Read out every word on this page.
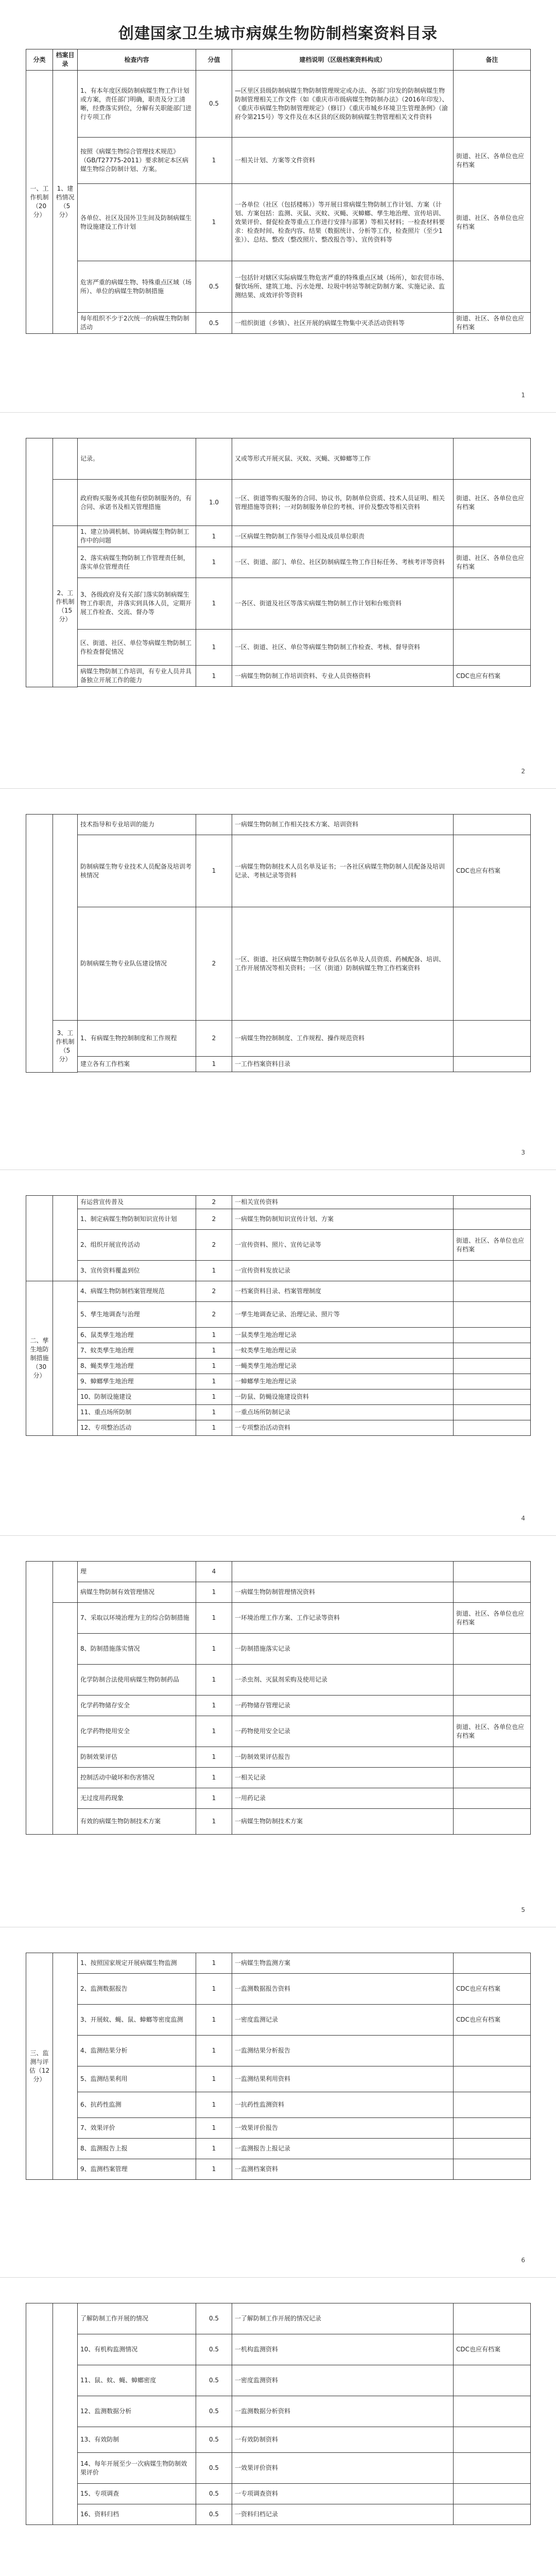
创建国家卫生城市病媒生物防制档案资料目录
分类	档案目录	检查内容	分值	建档说明（区级档案资料构成）	备注
一、工作机制（20分）	1、建档情况（5分）	1、有本年度区级防制病媒生物工作计划或方案，责任部门明确，职责及分工清晰，经费落实到位，分解有关职能部门进行专项工作	0.5	—区里区县级防制病媒生物防制管理规定或办法、各部门印发的防制病媒生物防制管理相关工作文件（如《重庆市市级病媒生物防制办法》（2016年印发）、《重庆市病媒生物防制管理规定》（修订）《重庆市城乡环境卫生管理条例》（渝府令第215号）等文件及在本区县的区级防制病媒生物管理相关文件资料	
		按照《病媒生物综合管理技术规范》（GB/T27775-2011）要求制定本区病媒生物综合防制计划、方案。	1	一相关计划、方案等文件资料	街道、社区、各单位也应有档案
		各单位、社区及国外卫生间及防制病媒生物设施建设工作计划	1	一各单位（社区（包括楼栋））等开展日常病媒生物防制工作计划、方案（计划、方案包括：监测、灭鼠、灭蚊、灭蝇、灭蟑螂、孳生地治理、宣传培训、效果评价、督促检查等重点工作进行安排与部署）等相关材料；一检查材料要求：检查时间、检查内容、结果（数据统计、分析等工作，检查照片（至少1张））、总结、整改（整改照片、整改报告等）、宣传资料等	街道、社区、各单位也应有档案
		危害严重的病媒生物、特殊重点区域（场所）、单位的病媒生物防制措施	0.5	一包括针对辖区实际病媒生物危害严重的特殊重点区域（场所），如农贸市场、餐饮场所、建筑工地、污水处理、垃圾中转站等制定防制方案、实施记录、监测结果、成效评价等资料	
		每年组织不少于2次统一的病媒生物防制活动	0.5	一组织街道（乡镇）、社区开展的病媒生物集中灭杀活动资料等	街道、社区、各单位也应有档案
1
		记录。		又或等形式开展灭鼠、灭蚊、灭蝇、灭蟑螂等工作	
		政府购买服务或其他有偿防制服务的，有合同、承诺书及相关管理措施	1.0	一区、街道等购买服务的合同、协议书，防制单位资质、技术人员证明、相关管理措施等资料；一对防制服务单位的考核、评价及整改等相关资料	街道、社区、各单位也应有档案
	2、工作机制（15分）	1、建立协调机制、协调病媒生物防制工作中的问题	1	一区病媒生物防制工作领导小组及成员单位职责	
		2、落实病媒生物防制工作管理责任制，落实单位管理责任	1	一区、街道、部门、单位、社区防制病媒生物工作目标任务、考核考评等资料	街道、社区、各单位也应有档案
		3、各级政府及有关部门落实防制病媒生物工作职责，并落实到具体人员，定期开展工作检查、交流、督办等	1	一各区、街道及社区等落实病媒生物防制工作计划和台账资料	
		区、街道、社区、单位等病媒生物防制工作检查督促情况	1	一区、街道、社区、单位等病媒生物防制工作检查、考核、督导资料	
		病媒生物防制工作培训，有专业人员并具备独立开展工作的能力	1	一病媒生物防制工作培训资料、专业人员资格资料	CDC也应有档案

2
		技术指导和专业培训的能力		一病媒生物防制工作相关技术方案、培训资料	
		防制病媒生物专业技术人员配备及培训考核情况	1	一病媒生物防制技术人员名单及证书；一各社区病媒生物防制人员配备及培训记录、考核记录等资料	CDC也应有档案
		防制病媒生物专业队伍建设情况	2	一区、街道、社区病媒生物防制专业队伍名单及人员资质、药械配备、培训、工作开展情况等相关资料；一区（街道）防制病媒生物工作档案资料	
	3、工作机制（5分）	1、有病媒生物控制制度和工作规程	2	一病媒生物控制制度、工作规程、操作规范资料	
		建立各有工作档案	1	一工作档案资料目录	

3
		有运营宣传普及	2	一相关宣传资料	
		1、制定病媒生物防制知识宣传计划	2	一病媒生物防制知识宣传计划、方案	
		2、组织开展宣传活动	2	一宣传资料、照片、宣传记录等	街道、社区、各单位也应有档案
		3、宣传资料覆盖到位	1	一宣传资料发放记录	
二、孳生地防制措施（30分）		4、病媒生物防制档案管理规范	2	一档案资料目录、档案管理制度	
		5、孳生地调查与治理	2	一孳生地调查记录、治理记录、照片等	
		6、鼠类孳生地治理	1	一鼠类孳生地治理记录	
		7、蚊类孳生地治理	1	一蚊类孳生地治理记录	
		8、蝇类孳生地治理	1	一蝇类孳生地治理记录	
		9、蟑螂孳生地治理	1	一蟑螂孳生地治理记录	
		10、防制设施建设	1	一防鼠、防蝇设施建设资料	
		11、重点场所防制	1	一重点场所防制记录	
		12、专项整治活动	1	一专项整治活动资料	
4
		理	4		
		病媒生物防制有效管理情况	1	一病媒生物防制管理情况资料	
		7、采取以环境治理为主的综合防制措施	1	一环境治理工作方案、工作记录等资料	街道、社区、各单位也应有档案
		8、防制措施落实情况	1	一防制措施落实记录	
		化学防制合法使用病媒生物防制药品	1	一杀虫剂、灭鼠剂采购及使用记录	
		化学药物储存安全	1	一药物储存管理记录	
		化学药物使用安全	1	一药物使用安全记录	街道、社区、各单位也应有档案
		防制效果评估	1	一防制效果评估报告	
		控制活动中破坏和伤害情况	1	一相关记录	
		无过度用药现象	1	一用药记录	
		有效的病媒生物防制技术方案	1	一病媒生物防制技术方案	
5
三、监测与评估（12分）		1、按照国家规定开展病媒生物监测	1	一病媒生物监测方案	
		2、监测数据报告	1	一监测数据报告资料	CDC也应有档案
		3、开展蚊、蝇、鼠、蟑螂等密度监测	1	一密度监测记录	CDC也应有档案
		4、监测结果分析	1	一监测结果分析报告	
		5、监测结果利用	1	一监测结果利用资料	
		6、抗药性监测	1	一抗药性监测资料	
		7、效果评价	1	一效果评价报告	
		8、监测报告上报	1	一监测报告上报记录	
		9、监测档案管理	1	一监测档案资料	
6
		了解防制工作开展的情况	0.5	一了解防制工作开展的情况记录	
		10、有机构监测情况	0.5	一机构监测资料	CDC也应有档案
		11、鼠、蚊、蝇、蟑螂密度	0.5	一密度监测资料	
		12、监测数据分析	0.5	一监测数据分析资料	
		13、有效防制	0.5	一有效防制资料	
		14、每年开展至少一次病媒生物防制效果评价	0.5	一效果评价资料	
		15、专项调查	0.5	一专项调查资料	
		16、资料归档	0.5	一资料归档记录	
